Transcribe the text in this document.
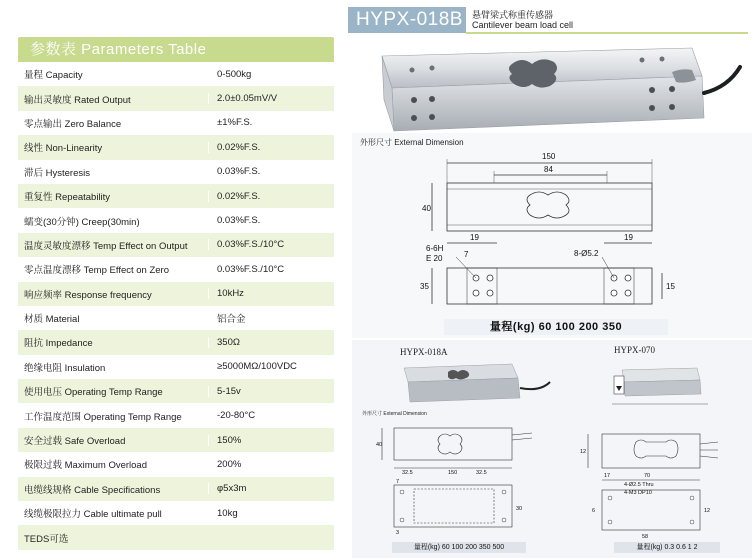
参数表 Parameters Table
量程 Capacity	0-500kg
输出灵敏度 Rated Output	2.0±0.05mV/V
零点输出 Zero Balance	±1%F.S.
线性 Non-Linearity	0.02%F.S.
滞后 Hysteresis	0.03%F.S.
重复性 Repeatability	0.02%F.S.
蠕变(30分钟) Creep(30min)	0.03%F.S.
温度灵敏度漂移 Temp Effect on Output	0.03%F.S./10°C
零点温度漂移 Temp Effect on Zero	0.03%F.S./10°C
响应频率 Response frequency	10kHz
材质 Material	铝合金
阻抗 Impedance	350Ω
绝缘电阻 Insulation	≥5000MΩ/100VDC
使用电压 Operating Temp Range	5-15v
工作温度范围 Operating Temp Range	-20-80°C
安全过载 Safe Overload	150%
极限过载 Maximum Overload	200%
电缆线规格 Cable Specifications	φ5x3m
线缆极限拉力 Cable ultimate pull	10kg
TEDS可选
HYPX-018B	悬臂梁式称重传感器
Cantilever beam load cell
外形尺寸 External Dimension
150
84
40
19	19
7
6-6H
E 20
8-Ø5.2
35	15
量程(kg) 60 100 200 350
HYPX-018A	HYPX-070
外形尺寸 External Dimension
40
32.5	150
7
30
32.5
3
12
17	70
4-Ø2.5 Thru
4-M3 DP10
6
58
12
量程(kg) 60 100 200 350 500	量程(kg) 0.3 0.6 1 2
